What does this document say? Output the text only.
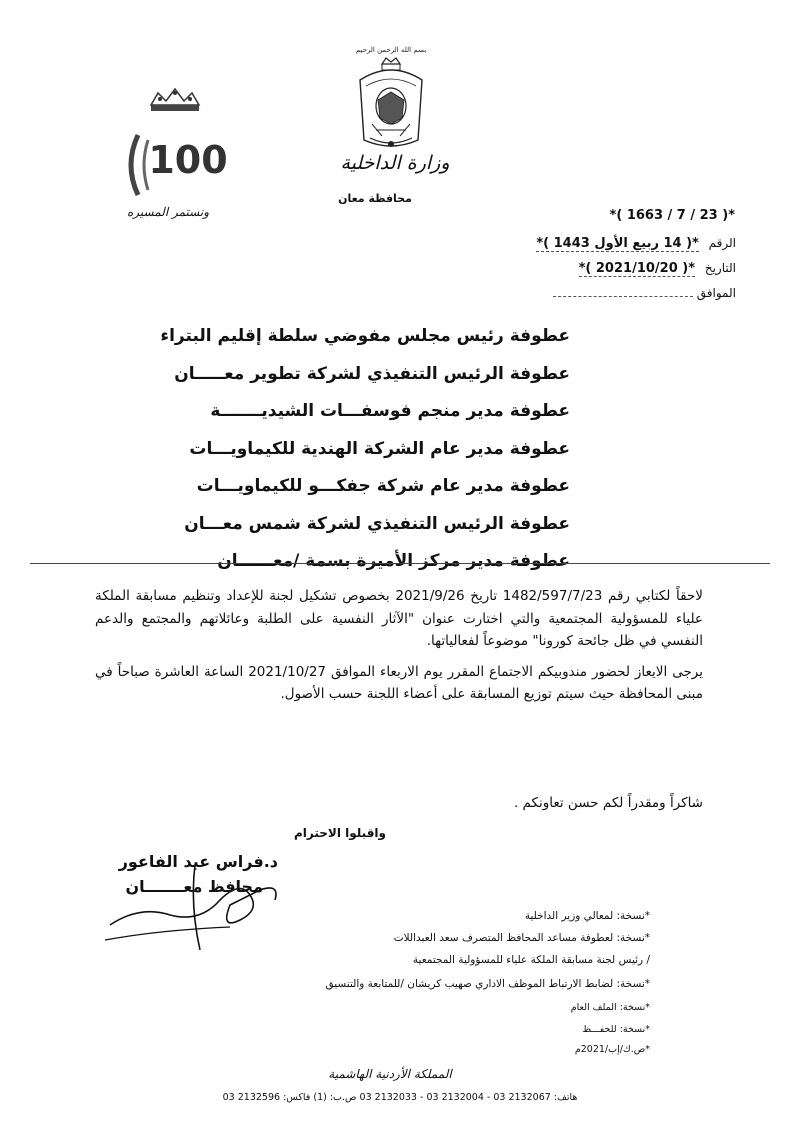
بسم الله الرحمن الرحيم
وزارة الداخلية
محافظة معان
100
ونستمر المسيره	*( 1663 / 7 / 23 )*
الرقم *( 14 ربيع الأول 1443 )*
التاريخ *( 2021/10/20 )*
الموافق
عطوفة رئيس مجلس مفوضي سلطة إقليم البتراء
عطوفة الرئيس التنفيذي لشركة تطوير معـــــان
عطوفة مدير منجم فوسفـــات الشيديـــــــة
عطوفة مدير عام الشركة الهندية للكيماويـــات
عطوفة مدير عام شركة جفكـــو للكيماويـــات
عطوفة الرئيس التنفيذي لشركة شمس معـــان
عطوفة مدير مركز الأميرة بسمة /معــــــان

لاحقاً لكتابي رقم 1482/597/7/23 تاريخ 2021/9/26 بخصوص تشكيل لجنة للإعداد وتنظيم مسابقة الملكة علياء للمسؤولية المجتمعية والتي اختارت عنوان "الآثار النفسية على الطلبة وعائلاتهم والمجتمع والدعم النفسي في ظل جائحة كورونا" موضوعاً لفعالياتها.

يرجى الايعاز لحضور مندوبيكم الاجتماع المقرر يوم الاربعاء الموافق 2021/10/27 الساعة العاشرة صباحاً في مبنى المحافظة حيث سيتم توزيع المسابقة على أعضاء اللجنة حسب الأصول.

شاكراً ومقدراً لكم حسن تعاونكم .
واقبلوا الاحترام
د.فراس عبد الفاعور
محافظ معـــــــان
*نسخة: لمعالي وزير الداخلية
*نسخة: لعطوفة مساعد المحافظ المتصرف سعد العبداللات
/ رئيس لجنة مسابقة الملكة علياء للمسؤولية المجتمعية
*نسخة: لضابط الارتباط الموظف الاداري صهيب كريشان /للمتابعة والتنسيق
*نسخة: الملف العام
*نسخة: للحفـــظ
*ص.ك/إب/2021م
المملكة الأردنية الهاشمية
هاتف: 2132067 03 - 2132004 03 - 2132033 03 ص.ب: (1) فاكس: 2132596 03
